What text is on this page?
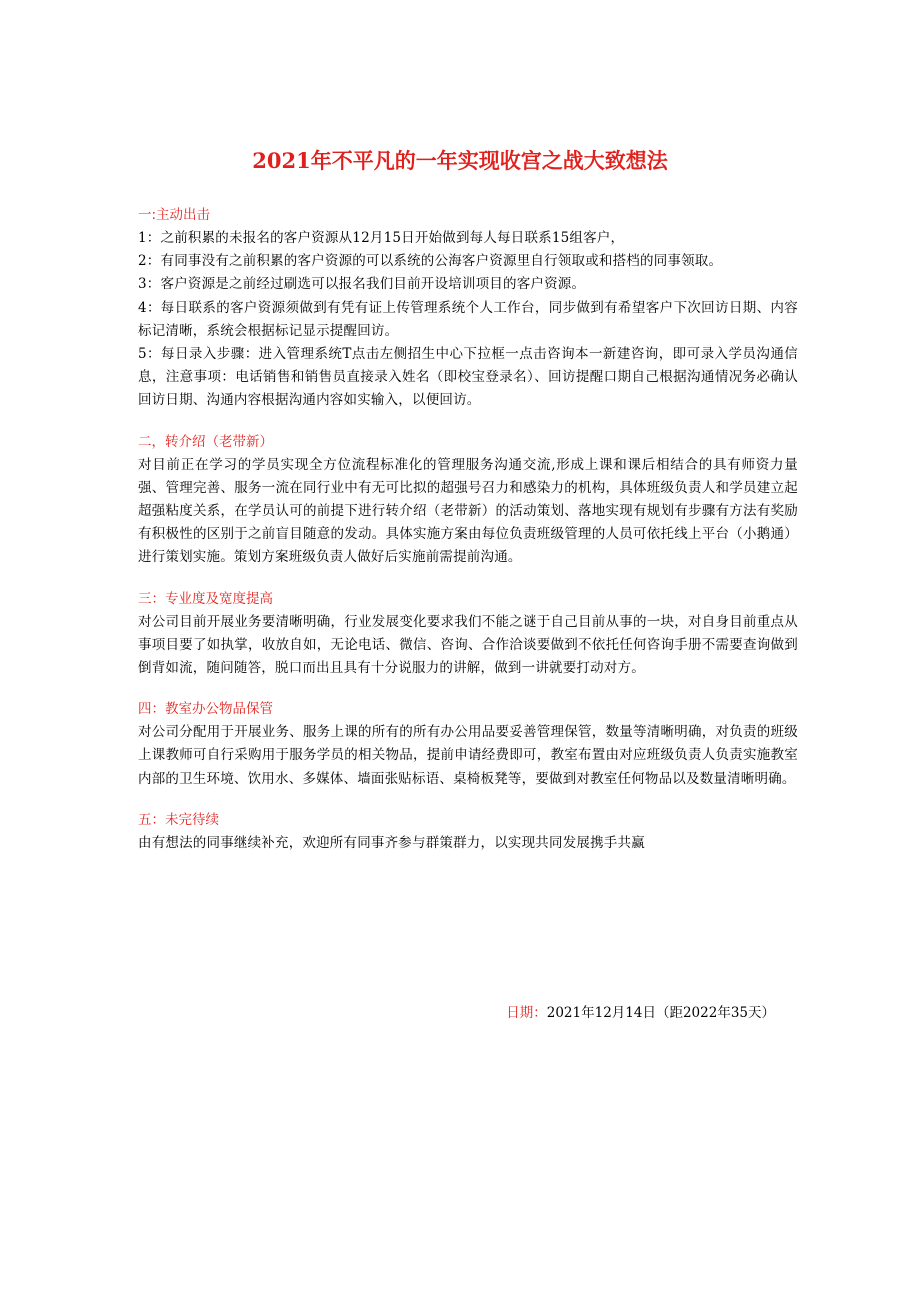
2021年不平凡的一年实现收宫之战大致想法

一:主动出击

1：之前积累的未报名的客户资源从12月15日开始做到每人每日联系15组客户，

2：有同事没有之前积累的客户资源的可以系统的公海客户资源里自行领取或和搭档的同事领取。

3：客户资源是之前经过刷选可以报名我们目前开设培训项目的客户资源。

4：每日联系的客户资源须做到有凭有证上传管理系统个人工作台，同步做到有希望客户下次回访日期、内容标记清晰，系统会根据标记显示提醒回访。

5：每日录入步骤：进入管理系统T点击左侧招生中心下拉框一点击咨询本一新建咨询，即可录入学员沟通信息，注意事项：电话销售和销售员直接录入姓名（即校宝登录名）、回访提醒口期自己根据沟通情况务必确认回访日期、沟通内容根据沟通内容如实输入，以便回访。

二，转介绍（老带新）

对目前正在学习的学员实现全方位流程标准化的管理服务沟通交流,形成上课和课后相结合的具有师资力量强、管理完善、服务一流在同行业中有无可比拟的超强号召力和感染力的机构，具体班级负责人和学员建立起超强粘度关系，在学员认可的前提下进行转介绍（老带新）的活动策划、落地实现有规划有步骤有方法有奖励有积极性的区别于之前盲目随意的发动。具体实施方案由每位负责班级管理的人员可依托线上平台（小鹅通）进行策划实施。策划方案班级负责人做好后实施前需提前沟通。

三：专业度及宽度提高

对公司目前开展业务要清晰明确，行业发展变化要求我们不能之谜于自己目前从事的一块，对自身目前重点从事项目要了如执掌，收放自如，无论电话、微信、咨询、合作洽谈要做到不依托任何咨询手册不需要查询做到倒背如流，随问随答，脱口而出且具有十分说服力的讲解，做到一讲就要打动对方。

四：教室办公物品保管

对公司分配用于开展业务、服务上课的所有的所有办公用品要妥善管理保管，数量等清晰明确，对负责的班级上课教师可自行采购用于服务学员的相关物品，提前申请经费即可，教室布置由对应班级负责人负责实施教室内部的卫生环境、饮用水、多媒体、墙面张贴标语、桌椅板凳等，要做到对教室任何物品以及数量清晰明确。

五：未完待续

由有想法的同事继续补充，欢迎所有同事齐参与群策群力，以实现共同发展携手共赢

日期：2021年12月14日（距2022年35天）
